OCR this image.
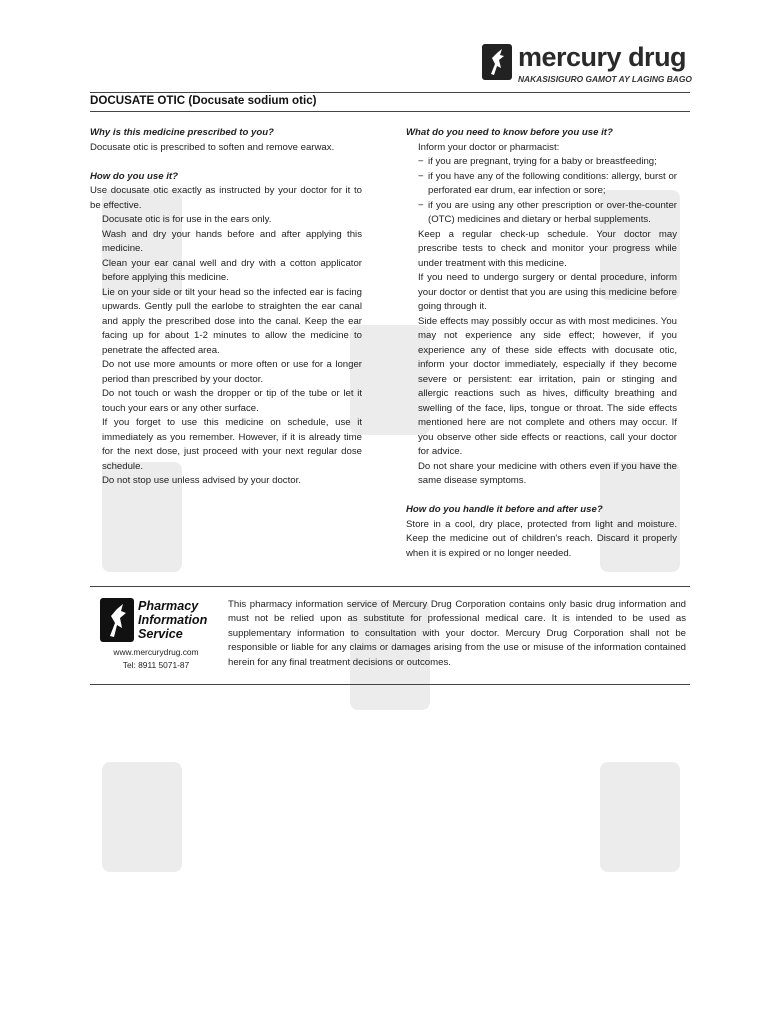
mercury drug
NAKASISIGURO GAMOT AY LAGING BAGO
DOCUSATE OTIC (Docusate sodium otic)

Why is this medicine prescribed to you?

Docusate otic is prescribed to soften and remove earwax.

How do you use it?

Use docusate otic exactly as instructed by your doctor for it to be effective.

Docusate otic is for use in the ears only.

Wash and dry your hands before and after applying this medicine.

Clean your ear canal well and dry with a cotton applicator before applying this medicine.

Lie on your side or tilt your head so the infected ear is facing upwards. Gently pull the earlobe to straighten the ear canal and apply the prescribed dose into the canal. Keep the ear facing up for about 1-2 minutes to allow the medicine to penetrate the affected area.

Do not use more amounts or more often or use for a longer period than prescribed by your doctor.

Do not touch or wash the dropper or tip of the tube or let it touch your ears or any other surface.

If you forget to use this medicine on schedule, use it immediately as you remember. However, if it is already time for the next dose, just proceed with your next regular dose schedule.

Do not stop use unless advised by your doctor.

What do you need to know before you use it?

Inform your doctor or pharmacist:

− if you are pregnant, trying for a baby or breastfeeding;

− if you have any of the following conditions: allergy, burst or perforated ear drum, ear infection or sore;

− if you are using any other prescription or over-the-counter (OTC) medicines and dietary or herbal supplements.

Keep a regular check-up schedule. Your doctor may prescribe tests to check and monitor your progress while under treatment with this medicine.

If you need to undergo surgery or dental procedure, inform your doctor or dentist that you are using this medicine before going through it.

Side effects may possibly occur as with most medicines. You may not experience any side effect; however, if you experience any of these side effects with docusate otic, inform your doctor immediately, especially if they become severe or persistent: ear irritation, pain or stinging and allergic reactions such as hives, difficulty breathing and swelling of the face, lips, tongue or throat. The side effects mentioned here are not complete and others may occur. If you observe other side effects or reactions, call your doctor for advice.

Do not share your medicine with others even if you have the same disease symptoms.

How do you handle it before and after use?

Store in a cool, dry place, protected from light and moisture. Keep the medicine out of children's reach. Discard it properly when it is expired or no longer needed.

Pharmacy
Information
Service
www.mercurydrug.com
Tel: 8911 5071-87
This pharmacy information service of Mercury Drug Corporation contains only basic drug information and must not be relied upon as substitute for professional medical care. It is intended to be used as supplementary information to consultation with your doctor. Mercury Drug Corporation shall not be responsible or liable for any claims or damages arising from the use or misuse of the information contained herein for any final treatment decisions or outcomes.
